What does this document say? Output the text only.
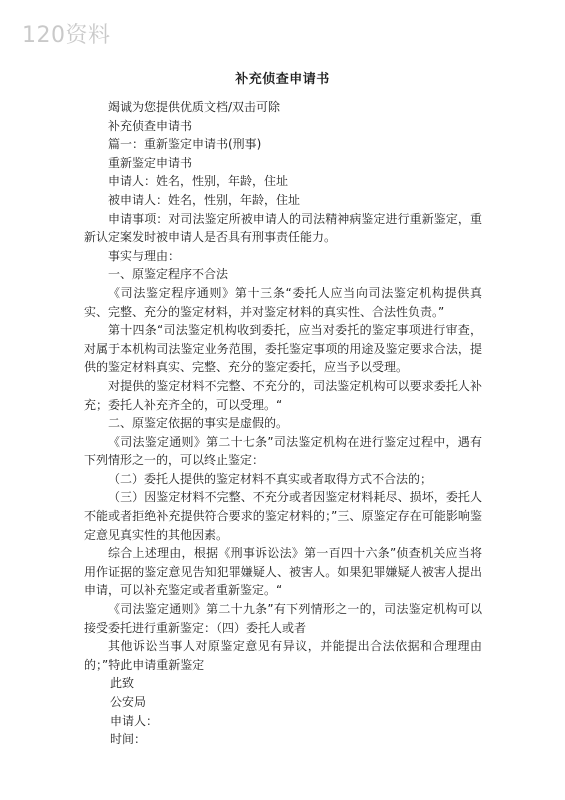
120资料
补充侦查申请书

竭诚为您提供优质文档/双击可除

补充侦查申请书

篇一：重新鉴定申请书(刑事)

重新鉴定申请书

申请人：姓名，性别，年龄，住址

被申请人：姓名，性别，年龄，住址

申请事项：对司法鉴定所被申请人的司法精神病鉴定进行重新鉴定，重新认定案发时被申请人是否具有刑事责任能力。

事实与理由：

一、原鉴定程序不合法

《司法鉴定程序通则》第十三条“委托人应当向司法鉴定机构提供真实、完整、充分的鉴定材料，并对鉴定材料的真实性、合法性负责。”

第十四条“司法鉴定机构收到委托，应当对委托的鉴定事项进行审查，对属于本机构司法鉴定业务范围，委托鉴定事项的用途及鉴定要求合法，提供的鉴定材料真实、完整、充分的鉴定委托，应当予以受理。

对提供的鉴定材料不完整、不充分的，司法鉴定机构可以要求委托人补充；委托人补充齐全的，可以受理。“

二、原鉴定依据的事实是虚假的。

《司法鉴定通则》第二十七条”司法鉴定机构在进行鉴定过程中，遇有下列情形之一的，可以终止鉴定：

（二）委托人提供的鉴定材料不真实或者取得方式不合法的；

（三）因鉴定材料不完整、不充分或者因鉴定材料耗尽、损坏，委托人不能或者拒绝补充提供符合要求的鉴定材料的；”三、原鉴定存在可能影响鉴定意见真实性的其他因素。

综合上述理由，根据《刑事诉讼法》第一百四十六条”侦查机关应当将用作证据的鉴定意见告知犯罪嫌疑人、被害人。如果犯罪嫌疑人被害人提出申请，可以补充鉴定或者重新鉴定。“

《司法鉴定通则》第二十九条”有下列情形之一的，司法鉴定机构可以接受委托进行重新鉴定：（四）委托人或者

其他诉讼当事人对原鉴定意见有异议，并能提出合法依据和合理理由的；”特此申请重新鉴定

此致

公安局

申请人：

时间：
